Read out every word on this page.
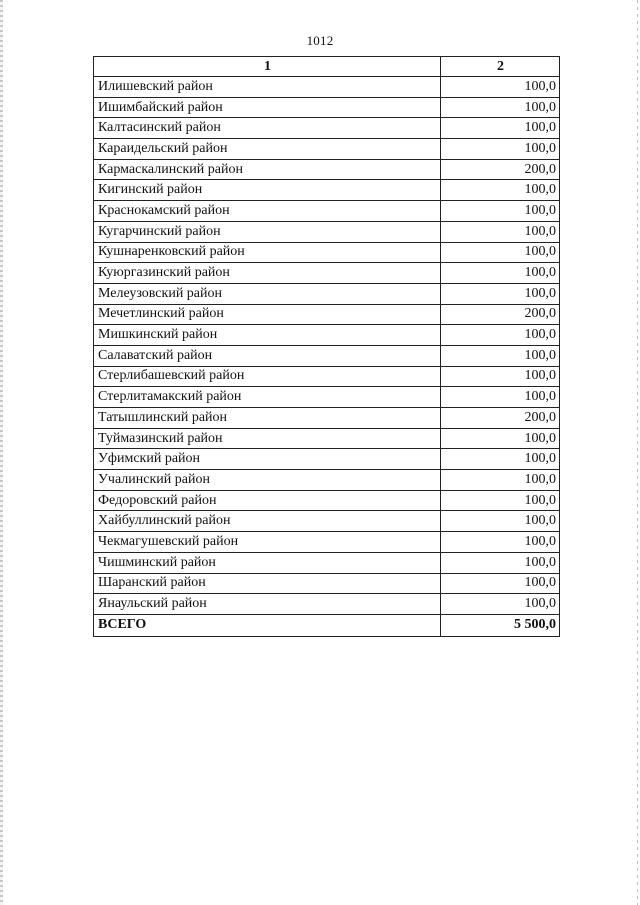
1012
1	2
Илишевский район	100,0
Ишимбайский район	100,0
Калтасинский район	100,0
Караидельский район	100,0
Кармаскалинский район	200,0
Кигинский район	100,0
Краснокамский район	100,0
Кугарчинский район	100,0
Кушнаренковский район	100,0
Куюргазинский район	100,0
Мелеузовский район	100,0
Мечетлинский район	200,0
Мишкинский район	100,0
Салаватский район	100,0
Стерлибашевский район	100,0
Стерлитамакский район	100,0
Татышлинский район	200,0
Туймазинский район	100,0
Уфимский район	100,0
Учалинский район	100,0
Федоровский район	100,0
Хайбуллинский район	100,0
Чекмагушевский район	100,0
Чишминский район	100,0
Шаранский район	100,0
Янаульский район	100,0
ВСЕГО	5 500,0
